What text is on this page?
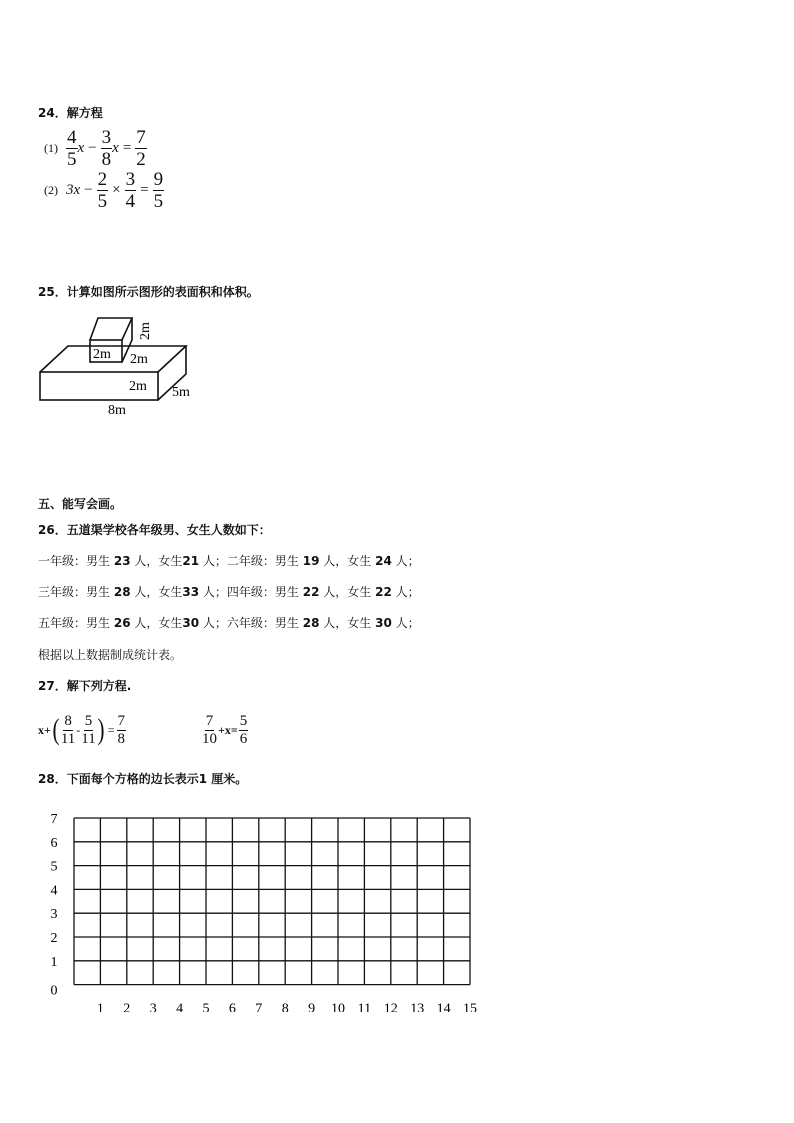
24．解方程
$(1) \frac{4}{5}$ $x - \frac{3}{8}$ $x = \frac{7}{2}$
(2) $3x - \frac{2}{5} \times \frac{3}{4} = \frac{9}{5}$
25．计算如图所示图形的表面积和体积。
2m
2m
2m
2m 5m
8m
五、能写会画。
26．五道渠学校各年级男、女生人数如下：
一年级：男生 23 人，女生21 人；二年级：男生 19 人，女生 24 人；
三年级：男生 28 人，女生33 人；四年级：男生 22 人，女生 22 人；
五年级：男生 26 人，女生30 人；六年级：男生 28 人，女生 30 人；
根据以上数据制成统计表。
27．解下列方程.
x+ ( $\frac{8}{11} - \frac{5}{11}$ ) = $\frac{7}{8}$	$\frac{7}{10} +x= \frac{5}{6}$
28．下面每个方格的边长表示1 厘米。
1 2 3 4 5 6 7 8 9 10 11 12 13 14 15
0
1
2
3
4
5
6
7
